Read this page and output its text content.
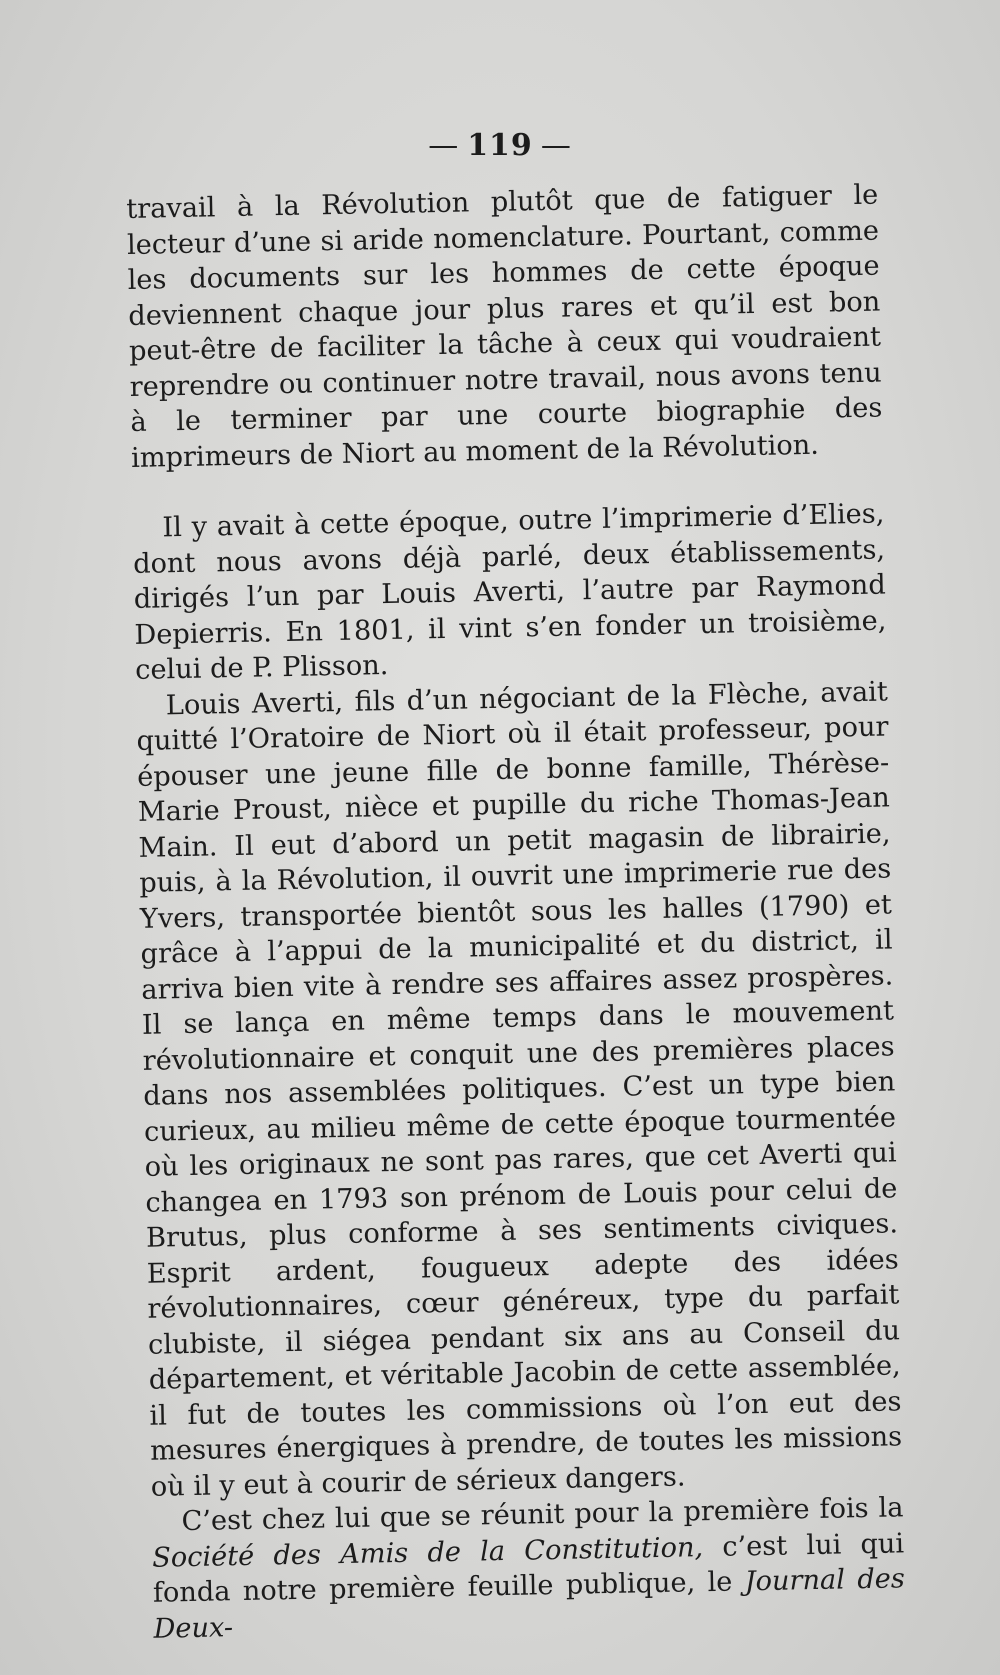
— 119 —

travail à la Révolution plutôt que de fatiguer le lecteur d’une si aride nomenclature. Pourtant, comme les documents sur les hommes de cette époque deviennent chaque jour plus rares et qu’il est bon peut-être de faciliter la tâche à ceux qui voudraient reprendre ou continuer notre travail, nous avons tenu à le terminer par une courte biographie des imprimeurs de Niort au moment de la Révolution.

Il y avait à cette époque, outre l’imprimerie d’Elies, dont nous avons déjà parlé, deux établissements, dirigés l’un par Louis Averti, l’autre par Raymond Depierris. En 1801, il vint s’en fonder un troisième, celui de P. Plisson.

Louis Averti, fils d’un négociant de la Flèche, avait quitté l’Oratoire de Niort où il était professeur, pour épouser une jeune fille de bonne famille, Thérèse-Marie Proust, nièce et pupille du riche Thomas-Jean Main. Il eut d’abord un petit magasin de librairie, puis, à la Révolution, il ouvrit une imprimerie rue des Yvers, transportée bientôt sous les halles (1790) et grâce à l’appui de la municipalité et du district, il arriva bien vite à rendre ses affaires assez prospères. Il se lança en même temps dans le mouvement révolutionnaire et conquit une des premières places dans nos assemblées politiques. C’est un type bien curieux, au milieu même de cette époque tourmentée où les originaux ne sont pas rares, que cet Averti qui changea en 1793 son prénom de Louis pour celui de Brutus, plus conforme à ses sentiments civiques. Esprit ardent, fougueux adepte des idées révolutionnaires, cœur généreux, type du parfait clubiste, il siégea pendant six ans au Conseil du département, et véritable Jacobin de cette assemblée, il fut de toutes les commissions où l’on eut des mesures énergiques à prendre, de toutes les missions où il y eut à courir de sérieux dangers.

C’est chez lui que se réunit pour la première fois la Société des Amis de la Constitution, c’est lui qui fonda notre première feuille publique, le Journal des Deux-
